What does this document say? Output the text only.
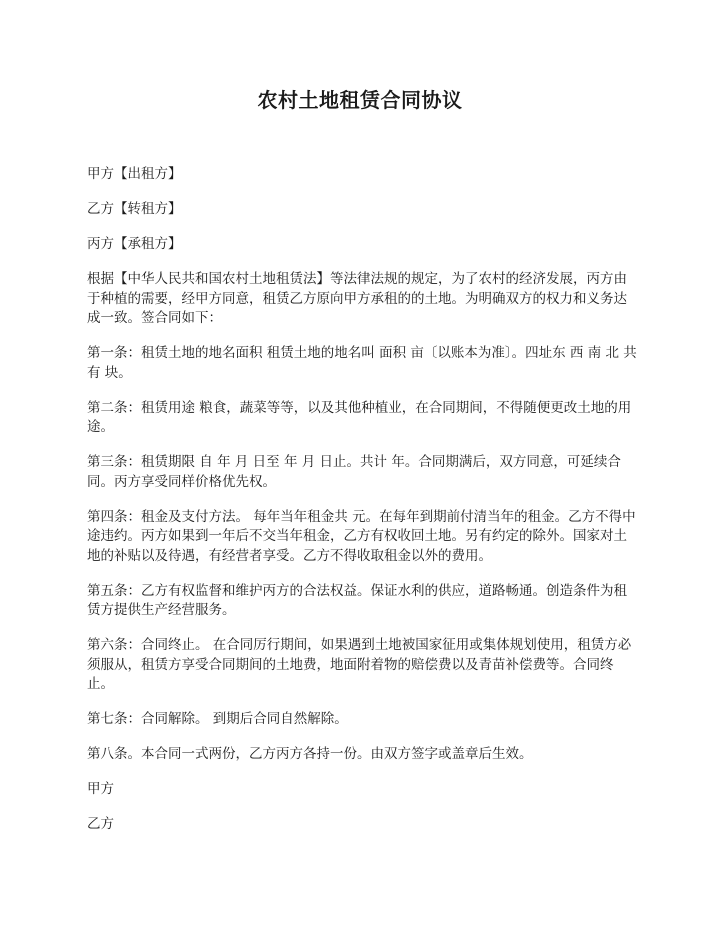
农村土地租赁合同协议

甲方【出租方】

乙方【转租方】

丙方【承租方】

根据【中华人民共和国农村土地租赁法】等法律法规的规定，为了农村的经济发展，丙方由于种植的需要，经甲方同意，租赁乙方原向甲方承租的的土地。为明确双方的权力和义务达成一致。签合同如下：

第一条：租赁土地的地名面积 租赁土地的地名叫 面积 亩〔以账本为准〕。四址东 西 南 北 共有 块。

第二条：租赁用途 粮食，蔬菜等等，以及其他种植业，在合同期间，不得随便更改土地的用途。

第三条：租赁期限 自 年 月 日至 年 月 日止。共计 年。合同期满后，双方同意，可延续合同。丙方享受同样价格优先权。

第四条：租金及支付方法。 每年当年租金共 元。在每年到期前付清当年的租金。乙方不得中途违约。丙方如果到一年后不交当年租金，乙方有权收回土地。另有约定的除外。国家对土地的补贴以及待遇，有经营者享受。乙方不得收取租金以外的费用。

第五条：乙方有权监督和维护丙方的合法权益。保证水利的供应，道路畅通。创造条件为租赁方提供生产经营服务。

第六条：合同终止。 在合同厉行期间，如果遇到土地被国家征用或集体规划使用，租赁方必须服从，租赁方享受合同期间的土地费，地面附着物的赔偿费以及青苗补偿费等。合同终止。

第七条：合同解除。 到期后合同自然解除。

第八条。本合同一式两份，乙方丙方各持一份。由双方签字或盖章后生效。

甲方

乙方
